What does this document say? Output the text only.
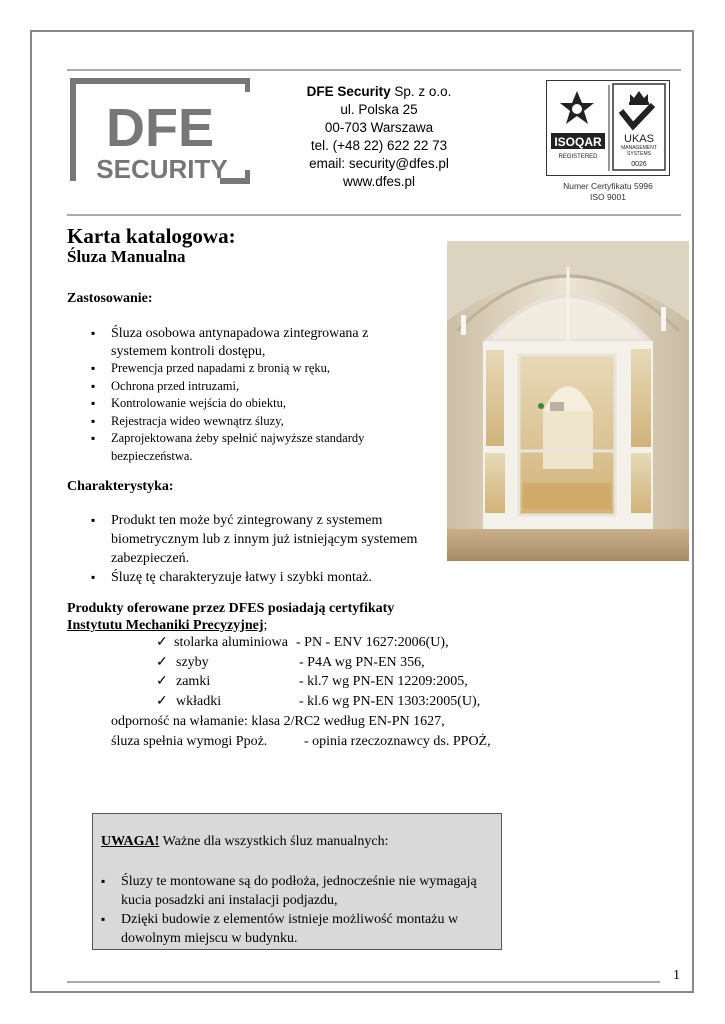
DFE
SECURITY
DFE Security Sp. z o.o.
ul. Polska 25
00-703 Warszawa
tel. (+48 22) 622 22 73
email: security@dfes.pl
www.dfes.pl
ISOQAR
REGISTERED
UKAS
MANAGEMENT
SYSTEMS
0026
Numer Certyfikatu 5996
ISO 9001
Karta katalogowa:
Śluza Manualna
Zastosowanie:
▪ Śluza osobowa antynapadowa zintegrowana z systemem kontroli dostępu,
▪ Prewencja przed napadami z bronią w ręku,
▪ Ochrona przed intruzami,
▪ Kontrolowanie wejścia do obiektu,
▪ Rejestracja wideo wewnątrz śluzy,
▪ Zaprojektowana żeby spełnić najwyższe standardy bezpieczeństwa.
Charakterystyka:
▪ Produkt ten może być zintegrowany z systemem biometrycznym lub z innym już istniejącym systemem zabezpieczeń.
▪ Śluzę tę charakteryzuje łatwy i szybki montaż.
Produkty oferowane przez DFES posiadają certyfikaty
Instytutu Mechaniki Precyzyjnej;
✓ stolarka aluminiowa - PN - ENV 1627:2006(U),
✓ szyby	- P4A wg PN-EN 356,
✓ zamki	- kl.7 wg PN-EN 12209:2005,
✓ wkładki	- kl.6 wg PN-EN 1303:2005(U),
odporność na włamanie: klasa 2/RC2 według EN-PN 1627,
śluza spełnia wymogi Ppoż.	- opinia rzeczoznawcy ds. PPOŻ,
UWAGA! Ważne dla wszystkich śluz manualnych:
▪ Śluzy te montowane są do podłoża, jednocześnie nie wymagają kucia posadzki ani instalacji podjazdu,
▪ Dzięki budowie z elementów istnieje możliwość montażu w dowolnym miejscu w budynku.
1
